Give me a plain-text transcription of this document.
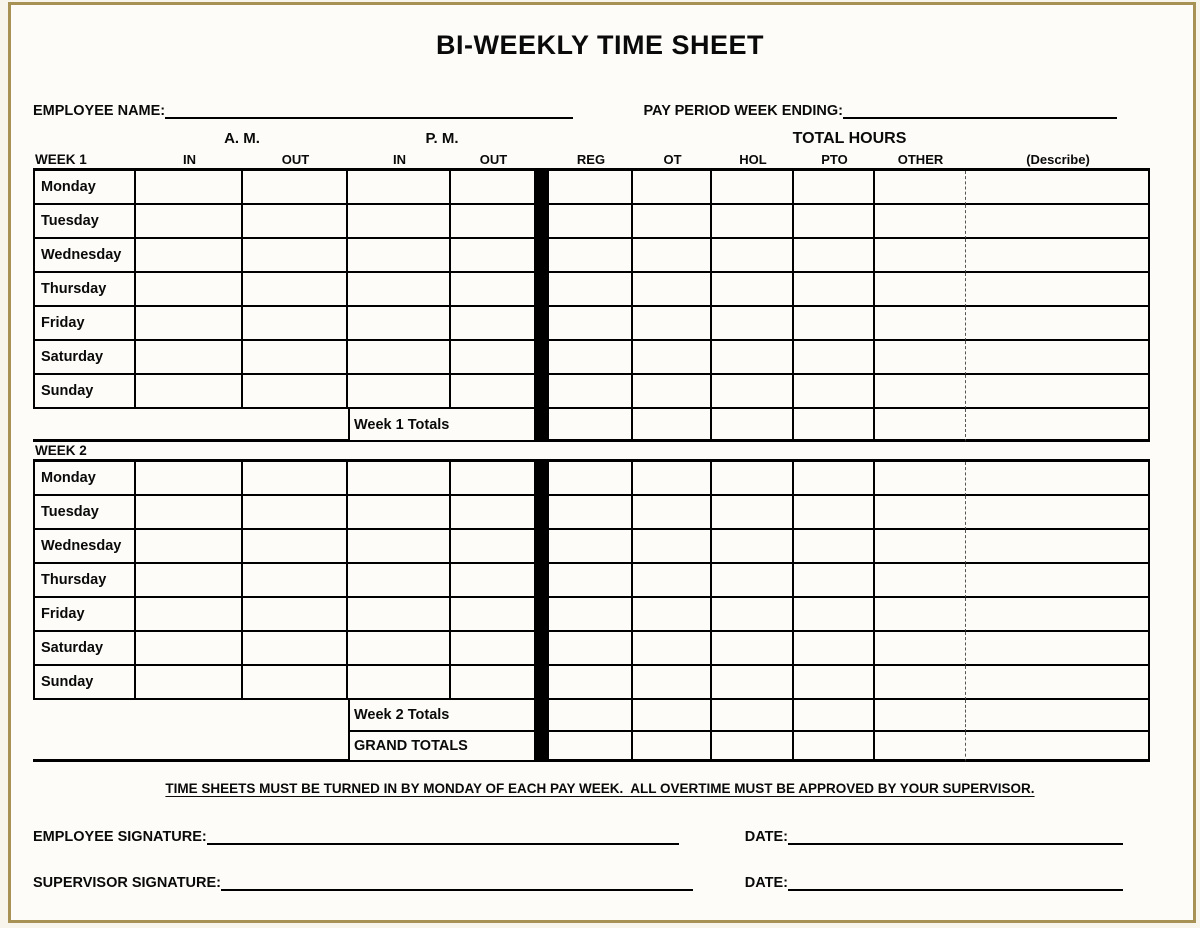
BI-WEEKLY TIME SHEET
EMPLOYEE NAME:	PAY PERIOD WEEK ENDING:
A. M.	P. M.	TOTAL HOURS
WEEK 1	IN	OUT	IN	OUT	REG	OT	HOL	PTO	OTHER	(Describe)
Monday
Tuesday
Wednesday
Thursday
Friday
Saturday
Sunday
Week 1 Totals
WEEK 2
Monday
Tuesday
Wednesday
Thursday
Friday
Saturday
Sunday
Week 2 Totals
GRAND TOTALS
TIME SHEETS MUST BE TURNED IN BY MONDAY OF EACH PAY WEEK.  ALL OVERTIME MUST BE APPROVED BY YOUR SUPERVISOR.
EMPLOYEE SIGNATURE:	DATE:
SUPERVISOR SIGNATURE:	DATE:
